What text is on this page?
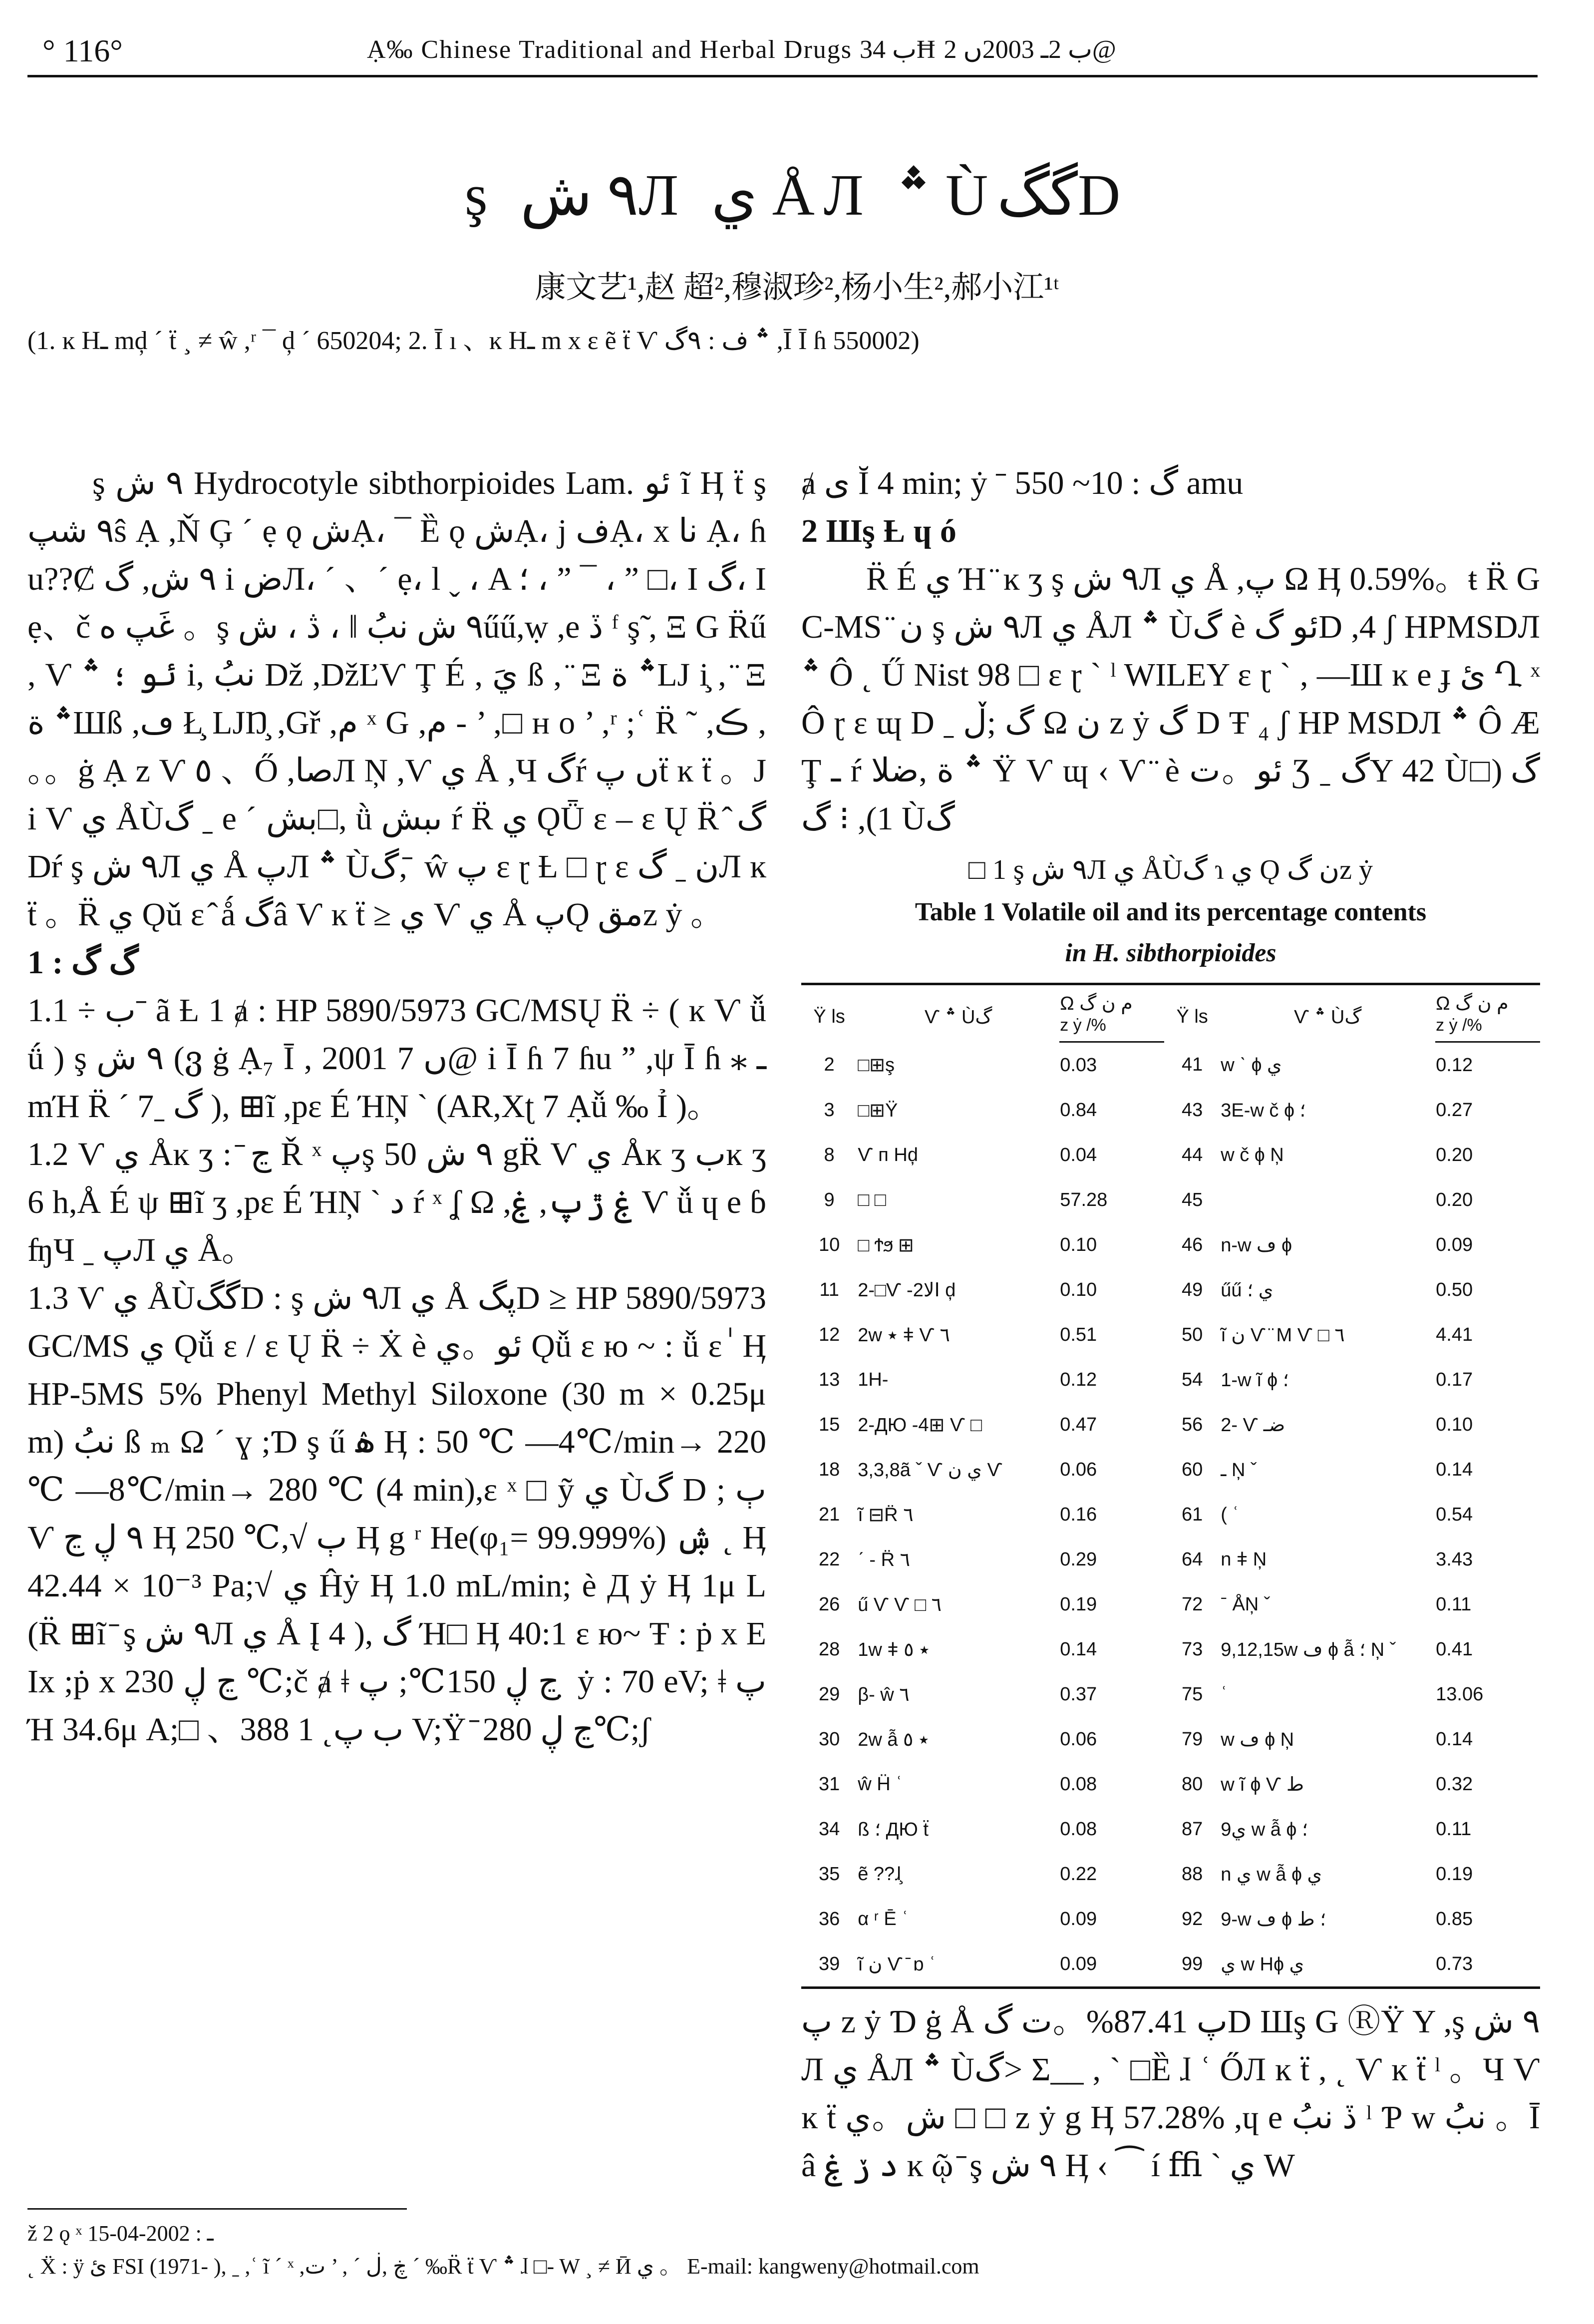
° 116°	Ạ‰ Chinese Traditional and Herbal Drugs ب 34Ħ ب 2ـ 2003ں 2@
ş ٩ شЛ ي ÅЛ ؞ ÙگگD
康文艺¹,赵 超²,穆淑珍²,杨小生²,郝小江¹ᵗ
(1. ĸ Hـ mḑ ˊ ẗ ¸ ≠ ŵ ,ʳ ¯ ḑ ˊ 650204; 2. Ī ı 、ĸ Hـ m x ε ẽ ẗ Ѵ ؞ ف : ٩گ ,Ī Ī ɦ 550002)

ş ٩ ش Hydrocotyle sibthorpioides Lam. ئو ĩ Ӊ ẗ ş ٩ شپŝ Ạ ,Ň Ģ ˊ ẹ ǫ شẠ، ¯ Ȅ ǫ شẠ، ϳ فẠ، x نا Ạ، ɦu??Ȼ ٩ ش, گ i ضЛ، ˊ 、ˊ ẹ، l ˬ ، A ؛ ، ” ¯ ، ” □، I گ، I ẹ、č غَپ ه 。ş ٩ ش نبُ ‖ ، ڎ ، شűű,ẉ ,e ڏ ᶠ ş̃ , Ξ G R̈ű , Ѵ ئو ؛ ؞ i, نبُ Dž ,DžĽѴ Ţ É , يَ ß , ̈ Ξ ؞ ةLJ i̧ , ̈ Ξ ؞ ةШß ,ڡ Ł̧ LJŊ̧ ,Gř ,م ˣ G ,م - ’ ,□ ʜ o ’ ,ʳ ;ʿ R̈ ˜ ,ڪ , 。。ġ Ạ z Ѵ ٥ 、Ő ,صاЛ Ņ ,Ѵ ي Å ,Ч گŕ ں پẗ ĸ ẗ 。J i Ѵ ي ÅÙگ ˍ e ˊ بش□, ǜ ٮبش ŕ R̈ ي ǪǕ ɛ – ɛ Ų R̈ ̂ گ Dŕ ş ٩ شЛ ي Å پЛ ؞ Ùگ, ̄ ŵ پ ɛ ɽ Ƚ □ ɽ ɛ ن ˍ گЛ ĸ ẗ 。R̈ ي Ǫǔ ɛ ̂ ǻ گâ Ѵ ĸ ẗ ≥ ي Ѵ ي Å پǪ مقz ẏ 。

1 : گ گ

1.1 ÷ بˉ ã Ƚ 1 ⱥ : HP 5890/5973 GC/MSŲ R̈ ÷ ( ĸ Ѵ ǚǘ ) ş ٩ ش (ვ ġ Ạ₇ Ī , 2001 ں 7@ i Ī ɦ 7 ɦu ” ,ψ Ī ɦ ⁎ ـ mΉ R̈ ˊ 7ˍ گ ), ⊞ĩ ,pɛ É ΉŅ ˋ (AR,Xʈ 7 Ạǚ ‰ Ỉ )。

1.2 Ѵ ي Åĸ ʒ : ̄ ڃ Ř ˣ پş ٩ ش 50 gR̈ Ѵ ي Åĸ ʒ بĸ ʒ 6 h,Å É ψ ⊞ĩ ʒ ,pɛ É ΉŅ ˋ د ŕ ˣ ʆ Ω ,ۼ ڙپ, ۼ Ѵ ǚ ɥ e ɓ ʩЧ ˍ پЛ ي Å。

1.3 Ѵ ي ÅÙگگD : ş ٩ شЛ ي Å پگD ≥ HP 5890/5973GC/MS ي Ǫǚ ɛ / ɛ Ų R̈ ÷ Ẋ è ئو。ي Ǫǚ ɛ ю ~ : ǚ ɛ ٰ Ӊ HP-5MS 5% Phenyl Methyl Siloxone (30 m × 0.25μ m) نبُ ß ₘ Ω ˊ ɣ ;Ɗ ş ű ۿ Ӊ : 50 ℃ —4℃/min→ 220 ℃ —8℃/min→ 280 ℃ (4 min),ε ˣ □ ỹ ي Ùگ D ; ٻ Ѵ ٩ ڸ ڃ Ӊ 250 ℃,√ ٻ Ӊ g ʳ He(φ₁= 99.999%) ۺ ˛ Ӊ 42.44 × 10⁻³ Pa;√ ي Ĥẏ Ӊ 1.0 mL/min; è Д ẏ Ӊ 1μ L(R̈ ⊞ĩ ̄ ş ٩ شЛ ي Å Į 4 ), گ Ή□ Ӊ 40:1 ɛ ю~ Ŧ : ṗ x EIx ;ṗ x ڃ ڸ 230 ℃;č ⱥ ǂ ڃ ڸ 150℃; پ ̣ ẏ : 70 eV; ǂ پ Ή 34.6μ A;□ 、ب پ˛ 1 388 V;Ÿ ̄ ڃ ڸ 280℃;ʃ

ⱥ ی Ĭ 4 min; ẏ ˉ گ : 10~ 550 amu

2 Шş Ƚ ɥ ó

R̈ É ي Ή ̈ ĸ ʒ ş ٩ شЛ ي Å ,پ Ω Ӊ 0.59%。ŧ R̈ GC-MS ̈ ن ş ٩ شЛ ي ÅЛ ؞ Ùگ è ئو گD ,4 ʃ HPMSDЛ ؞ Ô ˛ Ű Nist 98 □ ɛ ɽ ˋ ˡ WILEY ɛ ɽ ˋ , —Ш ĸ e ɟ ئ Ղ ˣ Ô ɽ ɛ ɰ D ˍ گ ;ڵ Ω ن z ẏ گ D Ŧ ₄ ʃ HP MSDЛ ؞ Ô Æ Ţ ـ ŕ ؞ ة ,ضلا Ÿ Ѵ ɰ ‹ Ѵ ̈ è ئو。ت Ʒ ˍ گY 42 Ùگ (□ 1), ⁝ گ Ùگ

□ 1 ş ٩ شЛ ي ÅÙگ ɿ ي Ǫ ن گz ẏ
Table 1 Volatile oil and its percentage contents
in H. sibthorpioides
Ÿ ls	Ѵ ؞ Ùگ	Ω م ن گ	Ÿ ls	Ѵ ؞ Ùگ	Ω م ن گ
		z ẏ /%			z ẏ /%
2	□⊞ş	0.03	41	w ˋ ɸ ي	0.12
3	□⊞Ÿ	0.84	43	3E-w č ɸ ؛	0.27
8	Ѵ п Hḑ	0.04	44	w č ɸ Ņ	0.20
9	□ □	57.28	45		0.20
10	□ Ϯϧ ⊞	0.10	46	n-w ڡ ɸ	0.09
11	2-□Ѵ -2لاⅠ ḑ	0.10	49	űű ي ؛	0.50
12	2w ٭ ǂ Ѵ ٦	0.51	50	ĩ ن Ѵ ̈ M Ѵ □ ٦	4.41
13	1H-	0.12	54	1-w ĩ ɸ ؛	0.17
15	2-ДЮ -4⊞ Ѵ □	0.47	56	2- Ѵ ضـ	0.10
18	3,3,8ã ˇ Ѵ ي ن Ѵ	0.06	60	ـ Ņ ˇ	0.14
21	ĩ ⊟R̈ ٦	0.16	61	( ʿ	0.54
22	ˊ - R̈ ٦	0.29	64	n ǂ Ņ	3.43
26	ű Ѵ Ѵ □ ٦	0.19	72	ˉ ÅŅ ˇ	0.11
28	1w ǂ ٭ ٥	0.14	73	9,12,15w ڡ ɸ ẫ ؛ Ņ ˇ	0.41
29	β- ŵ ٦	0.37	75	ʿ	13.06
30	2w ẫ ٭ ٥	0.06	79	w ڡ ɸ Ņ	0.14
31	ŵ Ḧ ʿ	0.08	80	w ĩ ɸ Ѵ ط	0.32
34	ß ؛ ДЮ ẗ	0.08	87	9ي w ẫ ɸ ؛	0.11
35	ẽ ??ɺ̧	0.22	88	n ي w ẫ ɸ ي	0.19
36	α ʳ Ē ʿ	0.09	92	9-w ڡ ɸ ؛ ط	0.85
39	ĩ ن Ѵ ̄ ɒ ʿ	0.09	99	ي w Hɸ ي	0.73

پ z ẏ Ɗ ġ Å پ 87.41%。ت گD Шş G ⓇŸ Y ,ş ٩ شЛ ي ÅЛ ؞ Ùگ> Σ__ , ˋ □Ȅ ɺ ʿ ŐЛ ĸ ẗ , ˛ Ѵ ĸ ẗ ˡ 。Ч Ѵ ĸ ẗ ش。ي □ □ z ẏ g Ӊ 57.28% ,ɥ e ڏ نبُ ˡ Ƥ w نبُ 。Ī â د ڒ ۼ ĸ ῷ ̄ ş ٩ ش Ӊ ‹ ⁀ í ﬃ ˋ ي W

ž 2 ǫ ˣ ـ : 2002-04-15
˛ Ẍ : ÿ ئ FSI (1971- ), ˍ ,ʿ ĩ ˊ ˣ ,ڿ ,ڶ ˊ , ’ ت ˊ ‰R̈ ẗ Ѵ ؞ ɺ □- W ¸ ≠ Ӣ ي 。 E-mail: kangweny@hotmail.com
